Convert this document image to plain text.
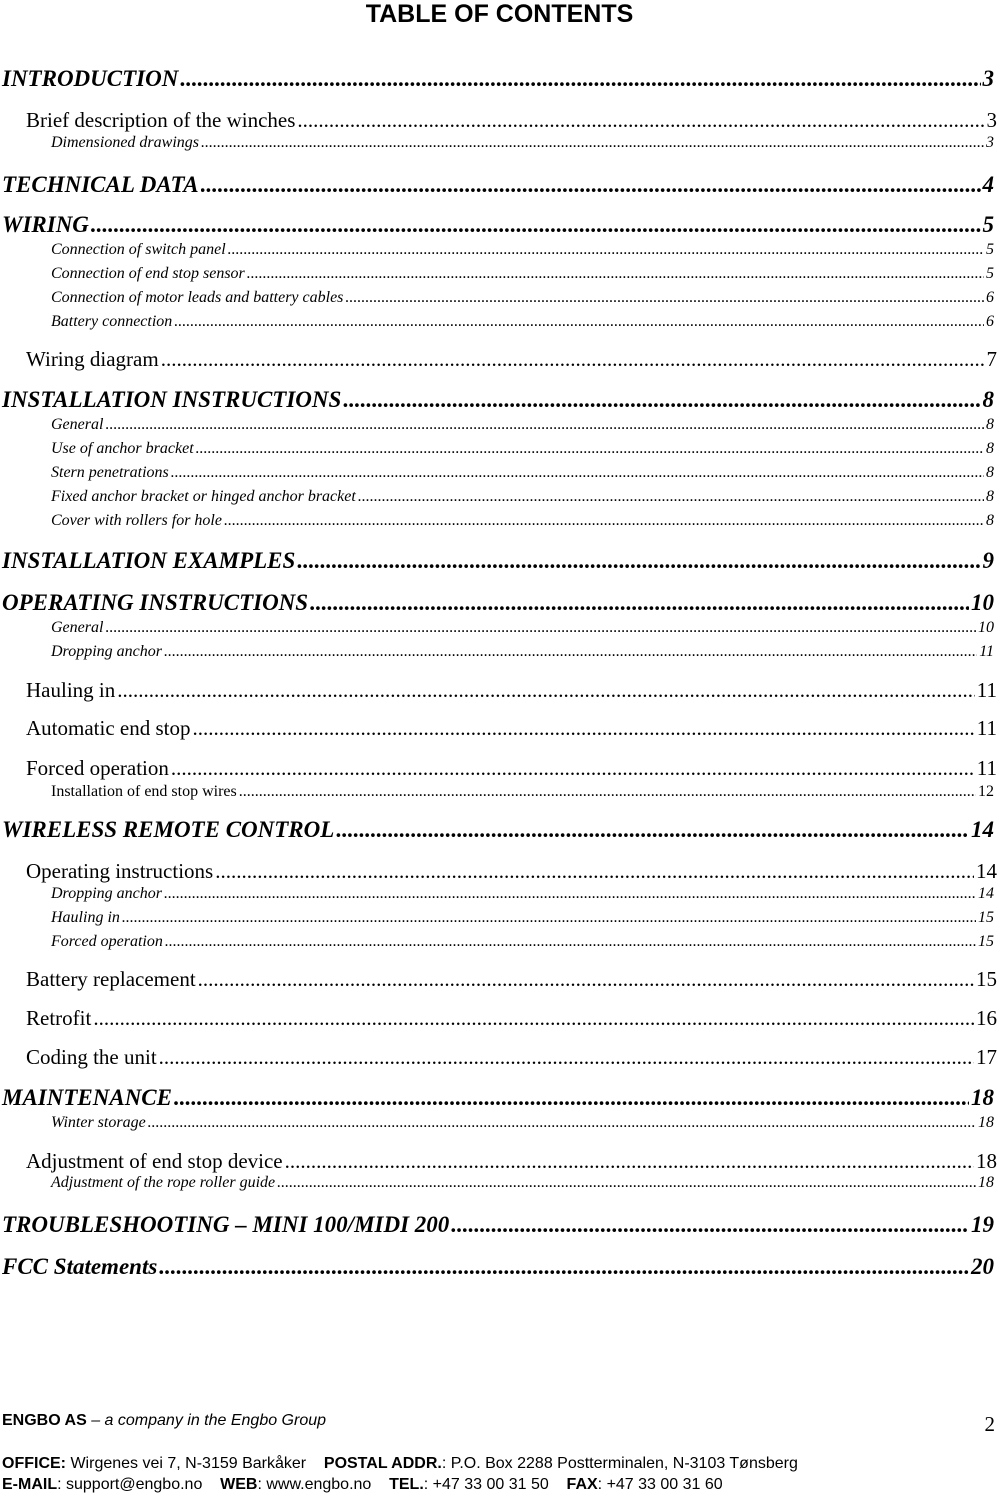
TABLE OF CONTENTS
INTRODUCTION .....	3
Brief description of the winches .....	3
Dimensioned drawings .....	3
TECHNICAL DATA .....	4
WIRING .....	5
Connection of switch panel .....	5
Connection of end stop sensor .....	5
Connection of motor leads and battery cables .....	6
Battery connection .....	6
Wiring diagram .....	7
INSTALLATION INSTRUCTIONS .....	8
General .....	8
Use of anchor bracket .....	8
Stern penetrations .....	8
Fixed anchor bracket or hinged anchor bracket .....	8
Cover with rollers for hole .....	8
INSTALLATION EXAMPLES .....	9
OPERATING INSTRUCTIONS .....	10
General .....	10
Dropping anchor .....	11
Hauling in .....	11
Automatic end stop .....	11
Forced operation .....	11
Installation of end stop wires .....	12
WIRELESS REMOTE CONTROL .....	14
Operating instructions .....	14
Dropping anchor .....	14
Hauling in .....	15
Forced operation .....	15
Battery replacement .....	15
Retrofit .....	16
Coding the unit .....	17
MAINTENANCE .....	18
Winter storage .....	18
Adjustment of end stop device .....	18
Adjustment of the rope roller guide .....	18
TROUBLESHOOTING – MINI 100/MIDI 200 .....	19
FCC Statements .....	20
ENGBO AS – a company in the Engbo Group	2
OFFICE: Wirgenes vei 7, N-3159 Barkåker POSTAL ADDR.: P.O. Box 2288 Postterminalen, N-3103 Tønsberg
E-MAIL: support@engbo.no WEB: www.engbo.no TEL.: +47 33 00 31 50 FAX: +47 33 00 31 60
